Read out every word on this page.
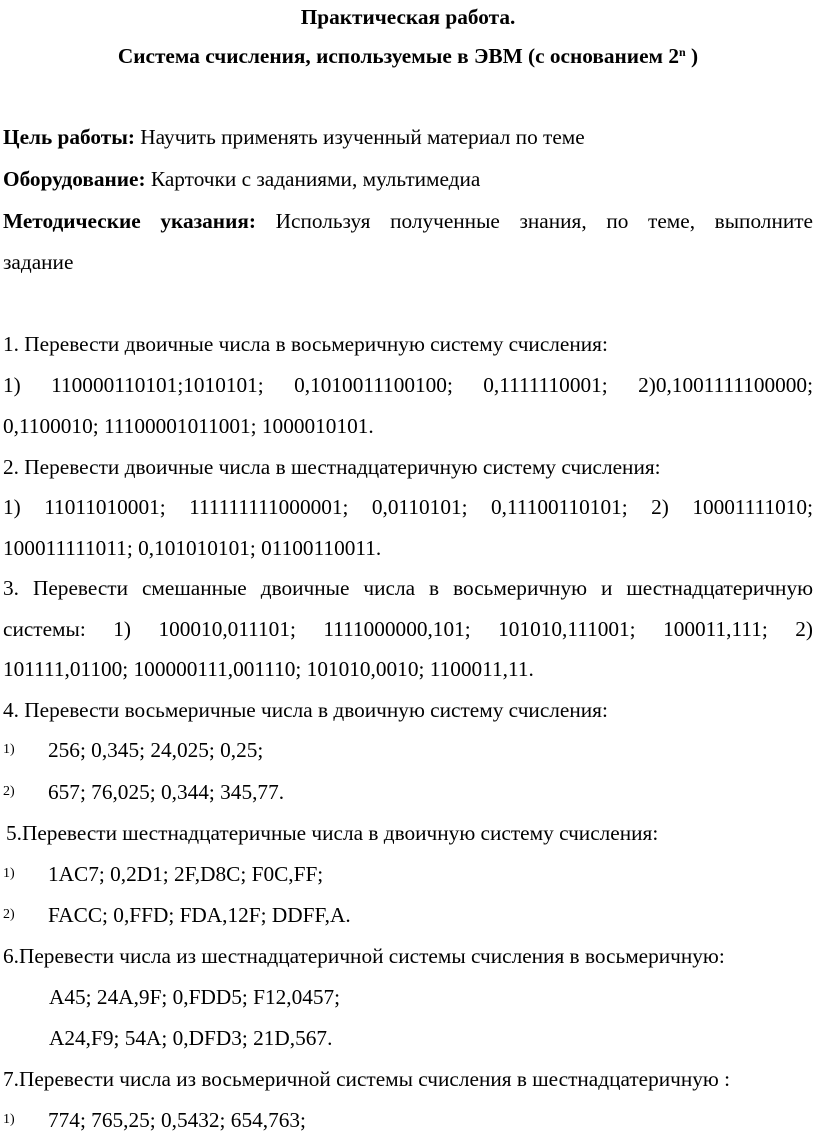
Практическая работа.
Система счисления, используемые в ЭВМ (с основанием 2$^n$ )
Цель работы: Научить применять изученный материал по теме
Оборудование: Карточки с заданиями, мультимедиа
Методические указания: Используя полученные знания, по теме, выполните
задание
1. Перевести двоичные числа в восьмеричную систему счисления:
1) 110000110101;1010101; 0,1010011100100; 0,1111110001; 2)0,1001111100000;
0,1100010; 11100001011001; 1000010101.
2. Перевести двоичные числа в шестнадцатеричную систему счисления:
1) 11011010001; 111111111000001; 0,0110101; 0,11100110101; 2) 10001111010;
100011111011; 0,101010101; 01100110011.
3. Перевести смешанные двоичные числа в восьмеричную и шестнадцатеричную
системы: 1) 100010,011101; 1111000000,101; 101010,111001; 100011,111; 2)
101111,01100; 100000111,001110; 101010,0010; 1100011,11.
4. Перевести восьмеричные числа в двоичную систему счисления:
1) 256; 0,345; 24,025; 0,25;
2) 657; 76,025; 0,344; 345,77.
5.Перевести шестнадцатеричные числа в двоичную систему счисления:
1) 1AC7; 0,2D1; 2F,D8C; F0C,FF;
2) FACC; 0,FFD; FDA,12F; DDFF,A.
6.Перевести числа из шестнадцатеричной системы счисления в восьмеричную:
A45; 24A,9F; 0,FDD5; F12,0457;
A24,F9; 54A; 0,DFD3; 21D,567.
7.Перевести числа из восьмеричной системы счисления в шестнадцатеричную :
1) 774; 765,25; 0,5432; 654,763;
